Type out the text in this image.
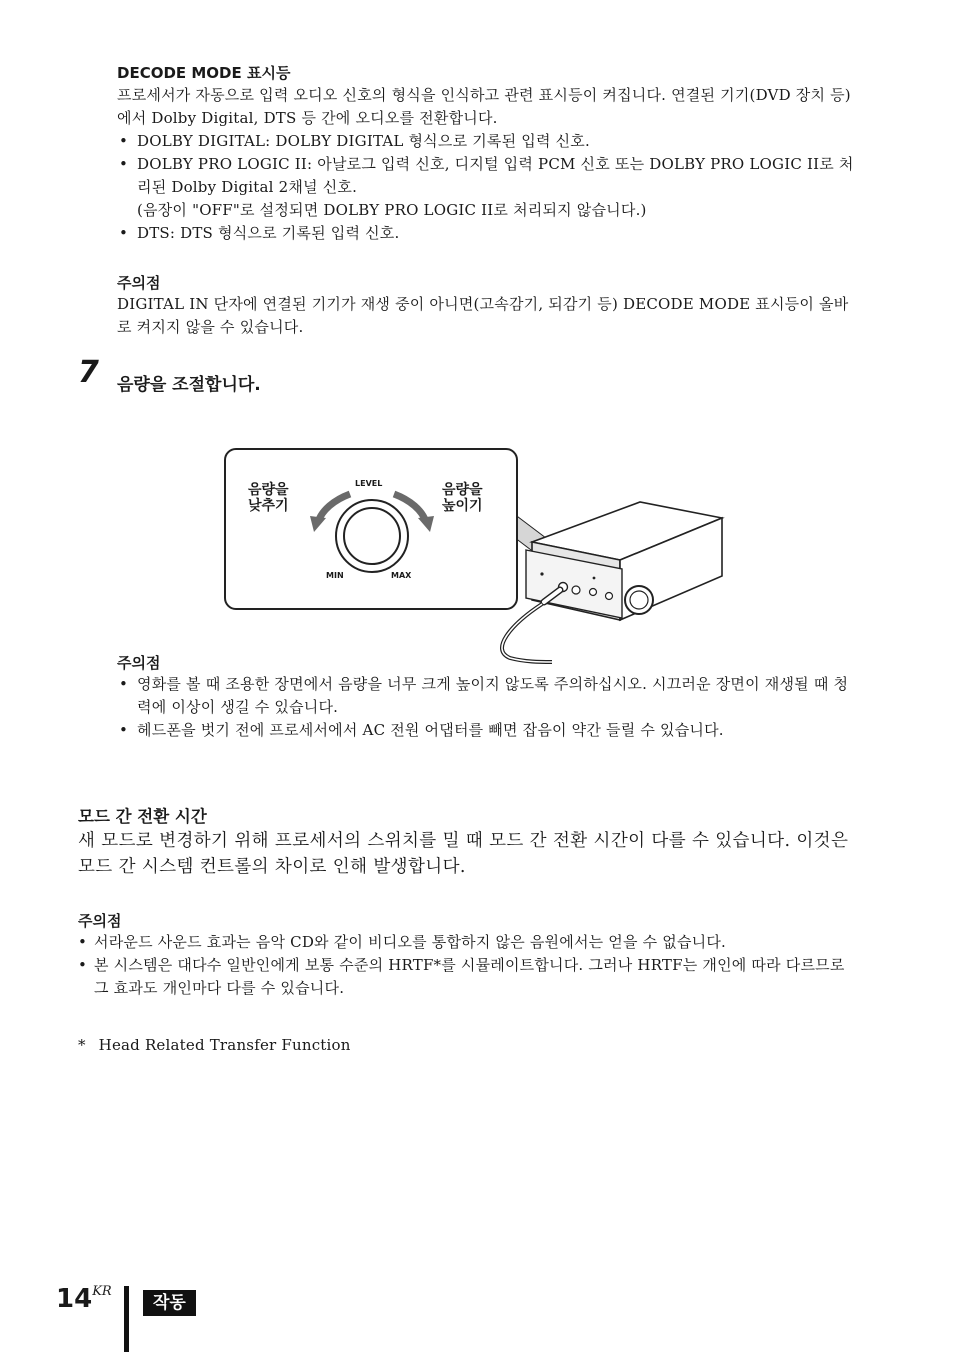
DECODE MODE 표시등

프로세서가 자동으로 입력 오디오 신호의 형식을 인식하고 관련 표시등이 켜집니다. 연결된 기기(DVD 장치 등)에서 Dolby Digital, DTS 등 간에 오디오를 전환합니다.

• DOLBY DIGITAL: DOLBY DIGITAL 형식으로 기록된 입력 신호.
• DOLBY PRO LOGIC II: 아날로그 입력 신호, 디지털 입력 PCM 신호 또는 DOLBY PRO LOGIC II로 처리된 Dolby Digital 2채널 신호.
(음장이 "OFF"로 설정되면 DOLBY PRO LOGIC II로 처리되지 않습니다.)
• DTS: DTS 형식으로 기록된 입력 신호.
주의점
DIGITAL IN 단자에 연결된 기기가 재생 중이 아니면(고속감기, 되감기 등) DECODE MODE 표시등이 올바로 켜지지 않을 수 있습니다.
7 음량을 조절합니다.
음량을
낮추기
음량을
높이기
LEVEL
MIN	MAX
주의점
• 영화를 볼 때 조용한 장면에서 음량을 너무 크게 높이지 않도록 주의하십시오. 시끄러운 장면이 재생될 때 청력에 이상이 생길 수 있습니다.
• 헤드폰을 벗기 전에 프로세서에서 AC 전원 어댑터를 빼면 잡음이 약간 들릴 수 있습니다.
모드 간 전환 시간
새 모드로 변경하기 위해 프로세서의 스위치를 밀 때 모드 간 전환 시간이 다를 수 있습니다. 이것은 모드 간 시스템 컨트롤의 차이로 인해 발생합니다.
주의점
• 서라운드 사운드 효과는 음악 CD와 같이 비디오를 통합하지 않은 음원에서는 얻을 수 없습니다.
• 본 시스템은 대다수 일반인에게 보통 수준의 HRTF*를 시뮬레이트합니다. 그러나 HRTF는 개인에 따라 다르므로 그 효과도 개인마다 다를 수 있습니다.
* Head Related Transfer Function
$14^{KR}$
작동
